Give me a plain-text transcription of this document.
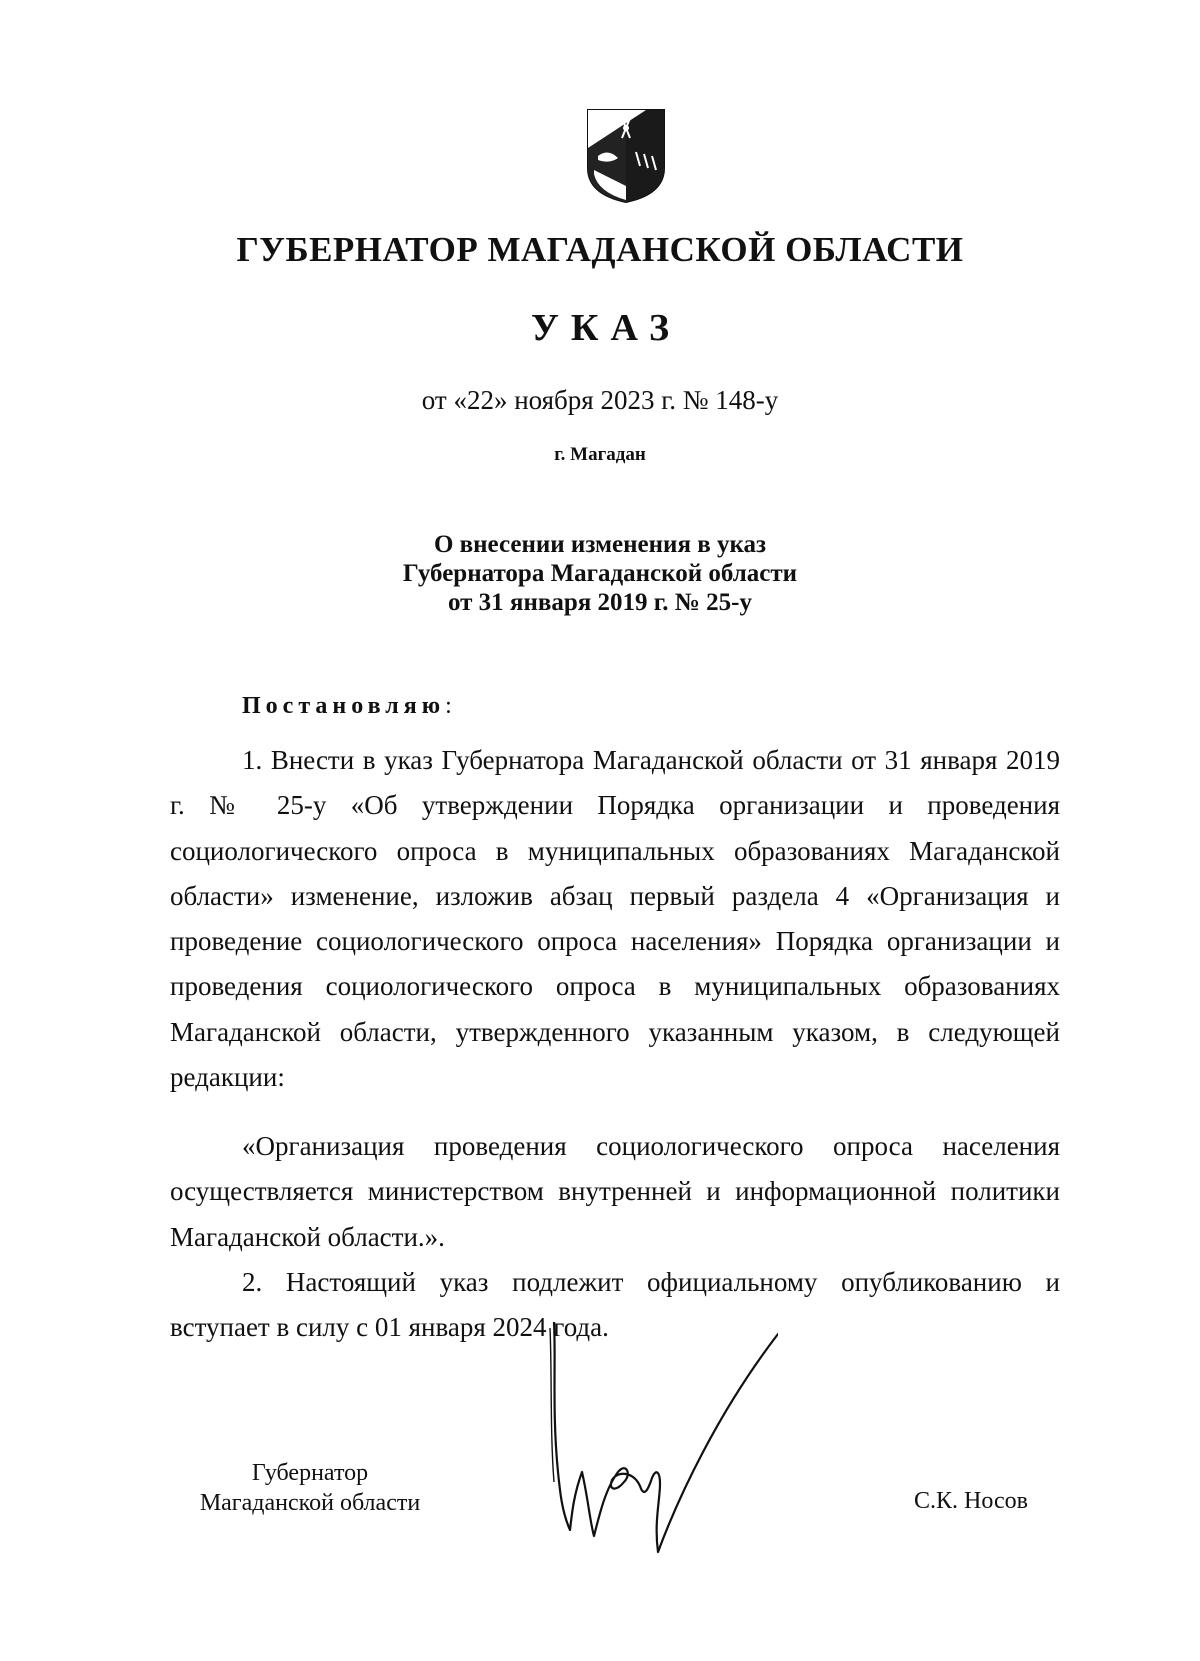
ГУБЕРНАТОР МАГАДАНСКОЙ ОБЛАСТИ
УКАЗ
от «22» ноября 2023 г. № 148-у
г. Магадан
О внесении изменения в указ
Губернатора Магаданской области
от 31 января 2019 г. № 25-у
Постановляю:

1. Внести в указ Губернатора Магаданской области от 31 января 2019 г. № 25-у «Об утверждении Порядка организации и проведения социологического опроса в муниципальных образованиях Магаданской области» изменение, изложив абзац первый раздела 4 «Организация и проведение социологического опроса населения» Порядка организации и проведения социологического опроса в муниципальных образованиях Магаданской области, утвержденного указанным указом, в следующей редакции:

«Организация проведения социологического опроса населения осуществляется министерством внутренней и информационной политики Магаданской области.».

2. Настоящий указ подлежит официальному опубликованию и вступает в силу с 01 января 2024 года.

Губернатор
Магаданской области	С.К. Носов
